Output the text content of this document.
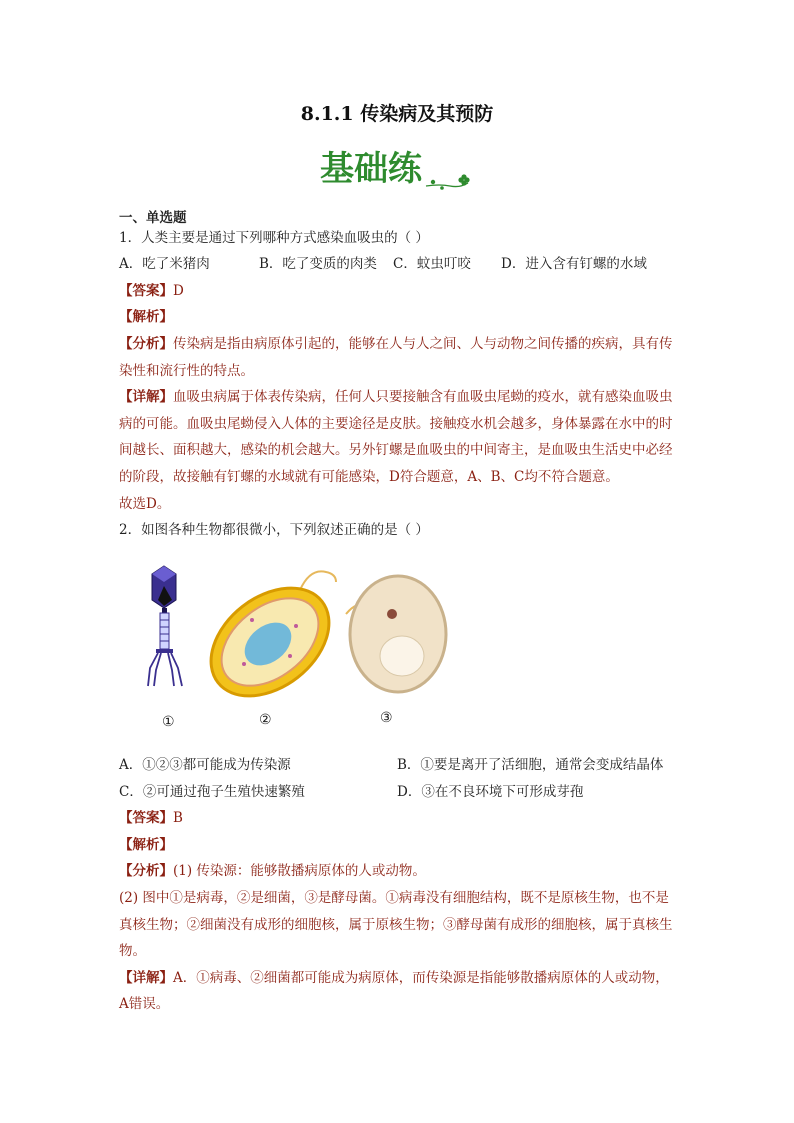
8.1.1 传染病及其预防
基础练
一、单选题
1．人类主要是通过下列哪种方式感染血吸虫的（ ）
A．吃了米猪肉	B．吃了变质的肉类	C．蚊虫叮咬	D．进入含有钉螺的水域
【答案】D
【解析】
【分析】传染病是指由病原体引起的，能够在人与人之间、人与动物之间传播的疾病，具有传染性和流行性的特点。
【详解】血吸虫病属于体表传染病，任何人只要接触含有血吸虫尾蚴的疫水，就有感染血吸虫病的可能。血吸虫尾蚴侵入人体的主要途径是皮肤。接触疫水机会越多，身体暴露在水中的时间越长、面积越大，感染的机会越大。另外钉螺是血吸虫的中间寄主，是血吸虫生活史中必经的阶段，故接触有钉螺的水域就有可能感染，D符合题意，A、B、C均不符合题意。
故选D。
2．如图各种生物都很微小，下列叙述正确的是（ ）
①	②	③
A．①②③都可能成为传染源	B．①要是离开了活细胞，通常会变成结晶体
C．②可通过孢子生殖快速繁殖	D．③在不良环境下可形成芽孢
【答案】B
【解析】
【分析】(1) 传染源：能够散播病原体的人或动物。
(2) 图中①是病毒，②是细菌，③是酵母菌。①病毒没有细胞结构，既不是原核生物，也不是真核生物；②细菌没有成形的细胞核，属于原核生物；③酵母菌有成形的细胞核，属于真核生物。
【详解】A．①病毒、②细菌都可能成为病原体，而传染源是指能够散播病原体的人或动物，A错误。
